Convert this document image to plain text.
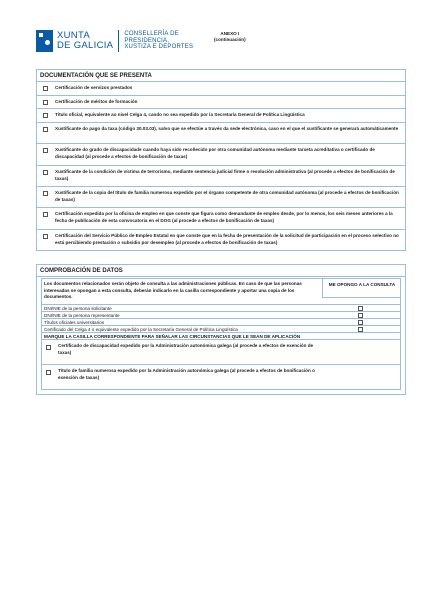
XUNTA
DE GALICIA
CONSELLERÍA DE
PRESIDENCIA,
XUSTIZA E DEPORTES
ANEXO I
(continuación)
DOCUMENTACIÓN QUE SE PRESENTA
Certificación de servizos prestados
Certificación de méritos de formación
Título oficial, equivalente ao nivel Celga 4, cando no sea expedido por la Secretaría General de Política Lingüística
Xustificante do pago da taxa (código 30.03.03), salvo que se efectúe a través da sede electrónica, caso en el que el xustificante se generará automáticamente
Xustificante do grado de discapacidade cuando haya sido recoñecido por otra comunidad autónoma mediante tarxeta acreditativa o certificado de discapacidad (al procede a efectos de bonificación de taxas)
Xustificante de la condición de víctima de terrorismo, mediante sentencia judicial firme o resolución administrativa (al procede a efectos de bonificación de taxas)
Xustificante de la copia del título de familia numerosa expedido por el órgano competente de otra comunidad autónoma (al procede a efectos de bonificación de taxas)
Certificación expedida por la oficina de empleo en que conste que figura como demandante de empleo desde, por lo menos, los seis meses anteriores a la fecha de publicación de esta convocatoria en el DOG (al procede a efectos de bonificación de taxas)
Certificación del Servicio Público de Empleo Estatal en que conste que en la fecha de presentación de la solicitud de participación en el proceso selectivo no está percibiendo prestación o subsidio por desempleo (al procede a efectos de bonificación de taxas)
COMPROBACIÓN DE DATOS
Los documentos relacionados serán objeto de consulta a las administraciones públicas. En caso de que las personas interesadas se opongan a esta consulta, deberán indicarlo en la casilla correspondiente y aportar una copia de los documentos.
ME OPONGO A LA CONSULTA
DNI/NIE de la persona solicitante
DNI/NIE de la persona representante
Títulos oficiales universitarios
Certificado del Celga 4 o equivalente expedido por la Secretaría General de Política Lingüística
MARQUE LA CASILLA CORRESPONDIENTE PARA SEÑALAR LAS CIRCUNSTANCIAS QUE LE SEAN DE APLICACIÓN
Certificado de discapacidad expedido por la Administración autonómica galega (al procede a efectos de exención de taxas)
Título de familia numerosa expedido por la Administración autonómica galega (al procede a efectos de bonificación o exención de taxas)
